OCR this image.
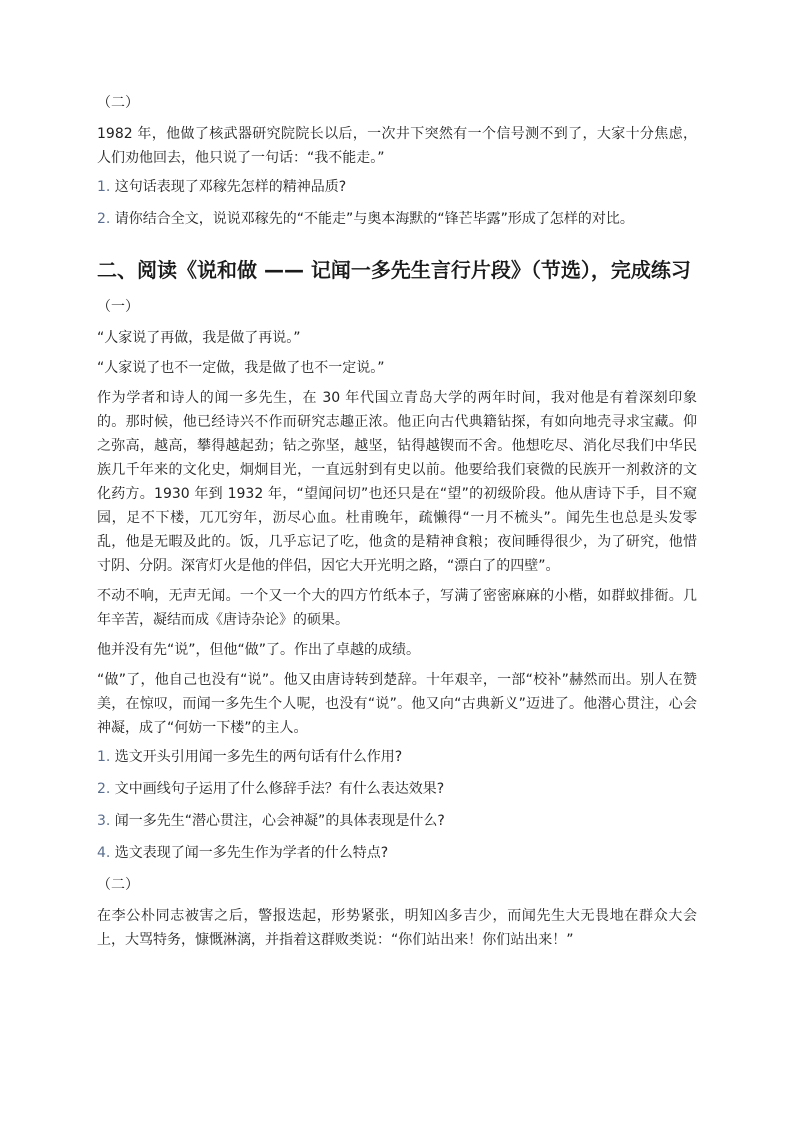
（二）
1982 年，他做了核武器研究院院长以后，一次井下突然有一个信号测不到了，大家十分焦虑，人们劝他回去，他只说了一句话：“我不能走。”
1. 这句话表现了邓稼先怎样的精神品质?
2. 请你结合全文，说说邓稼先的“不能走”与奥本海默的“锋芒毕露”形成了怎样的对比。
二、阅读《说和做 —— 记闻一多先生言行片段》（节选），完成练习
（一）
“人家说了再做，我是做了再说。”
“人家说了也不一定做，我是做了也不一定说。”
作为学者和诗人的闻一多先生，在 30 年代国立青岛大学的两年时间，我对他是有着深刻印象的。那时候，他已经诗兴不作而研究志趣正浓。他正向古代典籍钻探，有如向地壳寻求宝藏。仰之弥高，越高，攀得越起劲；钻之弥坚，越坚，钻得越锲而不舍。他想吃尽、消化尽我们中华民族几千年来的文化史，炯炯目光，一直远射到有史以前。他要给我们衰微的民族开一剂救济的文化药方。1930 年到 1932 年，“望闻问切”也还只是在“望”的初级阶段。他从唐诗下手，目不窥园，足不下楼，兀兀穷年，沥尽心血。杜甫晚年，疏懒得“一月不梳头”。闻先生也总是头发零乱，他是无暇及此的。饭，几乎忘记了吃，他贪的是精神食粮；夜间睡得很少，为了研究，他惜寸阴、分阴。深宵灯火是他的伴侣，因它大开光明之路，“漂白了的四壁”。
不动不响，无声无闻。一个又一个大的四方竹纸本子，写满了密密麻麻的小楷，如群蚁排衙。几年辛苦，凝结而成《唐诗杂论》的硕果。
他并没有先“说”，但他“做”了。作出了卓越的成绩。
“做”了，他自己也没有“说”。他又由唐诗转到楚辞。十年艰辛，一部“校补”赫然而出。别人在赞美，在惊叹，而闻一多先生个人呢，也没有“说”。他又向“古典新义”迈进了。他潜心贯注，心会神凝，成了“何妨一下楼”的主人。
1. 选文开头引用闻一多先生的两句话有什么作用?
2. 文中画线句子运用了什么修辞手法？有什么表达效果?
3. 闻一多先生“潜心贯注，心会神凝”的具体表现是什么?
4. 选文表现了闻一多先生作为学者的什么特点?
（二）
在李公朴同志被害之后，警报迭起，形势紧张，明知凶多吉少，而闻先生大无畏地在群众大会上，大骂特务，慷慨淋漓，并指着这群败类说：“你们站出来！你们站出来！”
